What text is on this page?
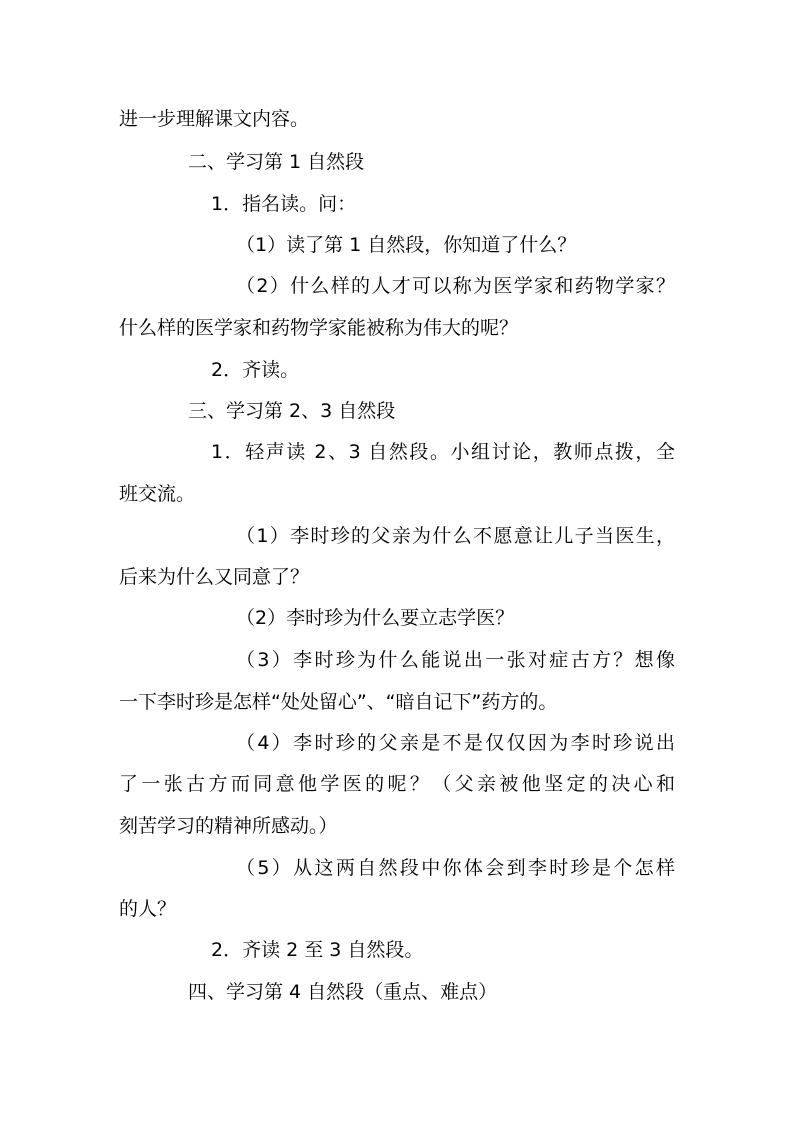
进一步理解课文内容。
二、学习第 1 自然段
1．指名读。问：
（1）读了第 1 自然段，你知道了什么？
（2）什么样的人才可以称为医学家和药物学家？
什么样的医学家和药物学家能被称为伟大的呢？
2．齐读。
三、学习第 2、3 自然段
1．轻声读 2、3 自然段。小组讨论，教师点拨，全
班交流。
（1）李时珍的父亲为什么不愿意让儿子当医生，
后来为什么又同意了？
（2）李时珍为什么要立志学医？
（3）李时珍为什么能说出一张对症古方？想像
一下李时珍是怎样“处处留心”、“暗自记下”药方的。
（4）李时珍的父亲是不是仅仅因为李时珍说出
了一张古方而同意他学医的呢？（父亲被他坚定的决心和
刻苦学习的精神所感动。）
（5）从这两自然段中你体会到李时珍是个怎样
的人？
2．齐读 2 至 3 自然段。
四、学习第 4 自然段（重点、难点）
